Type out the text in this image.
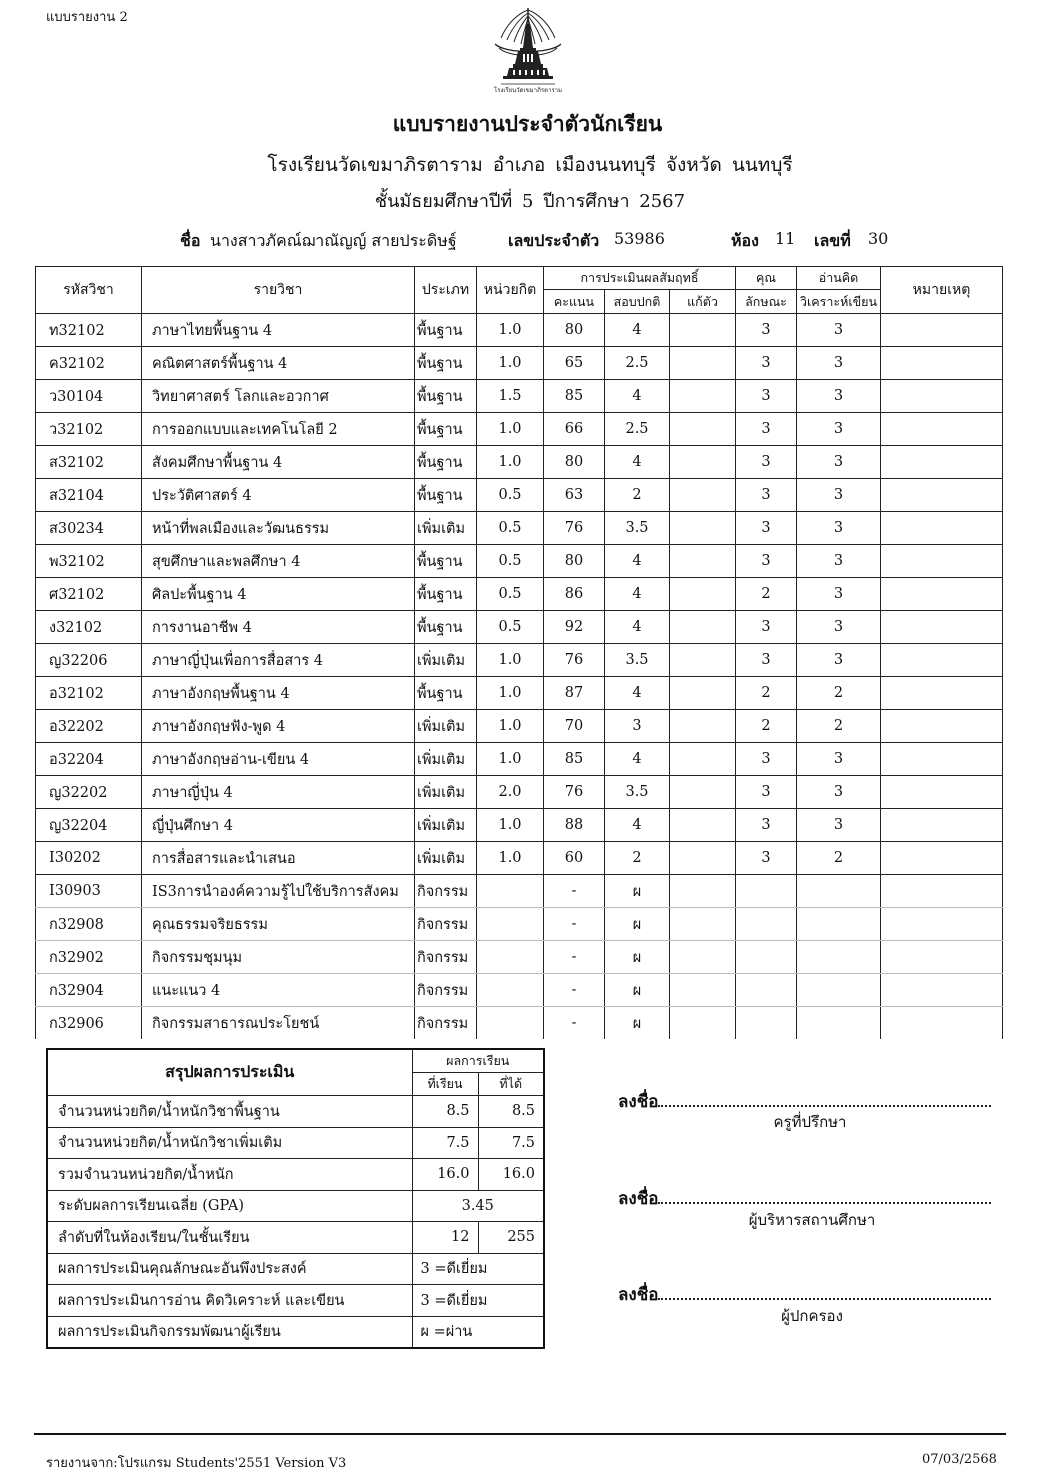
แบบรายงาน 2
โรงเรียนวัดเขมาภิรตาราม
แบบรายงานประจำตัวนักเรียน
โรงเรียนวัดเขมาภิรตาราม อำเภอ เมืองนนทบุรี จังหวัด นนทบุรี
ชั้นมัธยมศึกษาปีที่ 5 ปีการศึกษา 2567
ชื่อ นางสาวภัคณ์ฌาณัญญ์ สายประดิษฐ์	เลขประจำตัว 53986	ห้อง 11 เลขที่ 30
รหัสวิชา	รายวิชา	ประเภท	หน่วยกิต	การประเมินผลสัมฤทธิ์			คุณ	อ่านคิด	หมายเหตุ
				คะแนน	สอบปกติ	แก้ตัว	ลักษณะ	วิเคราะห์เขียน	
ท32102	ภาษาไทยพื้นฐาน 4	พื้นฐาน	1.0	80	4		3	3	
ค32102	คณิตศาสตร์พื้นฐาน 4	พื้นฐาน	1.0	65	2.5		3	3	
ว30104	วิทยาศาสตร์ โลกและอวกาศ	พื้นฐาน	1.5	85	4		3	3	
ว32102	การออกแบบและเทคโนโลยี 2	พื้นฐาน	1.0	66	2.5		3	3	
ส32102	สังคมศึกษาพื้นฐาน 4	พื้นฐาน	1.0	80	4		3	3	
ส32104	ประวัติศาสตร์ 4	พื้นฐาน	0.5	63	2		3	3	
ส30234	หน้าที่พลเมืองและวัฒนธรรม	เพิ่มเติม	0.5	76	3.5		3	3	
พ32102	สุขศึกษาและพลศึกษา 4	พื้นฐาน	0.5	80	4		3	3	
ศ32102	ศิลปะพื้นฐาน 4	พื้นฐาน	0.5	86	4		2	3	
ง32102	การงานอาชีพ 4	พื้นฐาน	0.5	92	4		3	3	
ญ32206	ภาษาญี่ปุ่นเพื่อการสื่อสาร 4	เพิ่มเติม	1.0	76	3.5		3	3	
อ32102	ภาษาอังกฤษพื้นฐาน 4	พื้นฐาน	1.0	87	4		2	2	
อ32202	ภาษาอังกฤษฟัง-พูด 4	เพิ่มเติม	1.0	70	3		2	2	
อ32204	ภาษาอังกฤษอ่าน-เขียน 4	เพิ่มเติม	1.0	85	4		3	3	
ญ32202	ภาษาญี่ปุ่น 4	เพิ่มเติม	2.0	76	3.5		3	3	
ญ32204	ญี่ปุ่นศึกษา 4	เพิ่มเติม	1.0	88	4		3	3	
I30202	การสื่อสารและนำเสนอ	เพิ่มเติม	1.0	60	2		3	2	
I30903	IS3การนำองค์ความรู้ไปใช้บริการสังคม	กิจกรรม		-	ผ				
ก32908	คุณธรรมจริยธรรม	กิจกรรม		-	ผ				
ก32902	กิจกรรมชุมนุม	กิจกรรม		-	ผ				
ก32904	แนะแนว 4	กิจกรรม		-	ผ				
ก32906	กิจกรรมสาธารณประโยชน์	กิจกรรม		-	ผ				
สรุปผลการประเมิน	ผลการเรียน	
	ที่เรียน	ที่ได้
จำนวนหน่วยกิต/น้ำหนักวิชาพื้นฐาน	8.5	8.5
จำนวนหน่วยกิต/น้ำหนักวิชาเพิ่มเติม	7.5	7.5
รวมจำนวนหน่วยกิต/น้ำหนัก	16.0	16.0
ระดับผลการเรียนเฉลี่ย (GPA)	3.45	
ลำดับที่ในห้องเรียน/ในชั้นเรียน	12	255
ผลการประเมินคุณลักษณะอันพึงประสงค์	3 =ดีเยี่ยม	
ผลการประเมินการอ่าน คิดวิเคราะห์ และเขียน	3 =ดีเยี่ยม	
ผลการประเมินกิจกรรมพัฒนาผู้เรียน	ผ =ผ่าน	
ลงชื่อ
ครูที่ปรึกษา
ลงชื่อ
ผู้บริหารสถานศึกษา
ลงชื่อ
ผู้ปกครอง
รายงานจาก:โปรแกรม Students'2551 Version V3	07/03/2568
